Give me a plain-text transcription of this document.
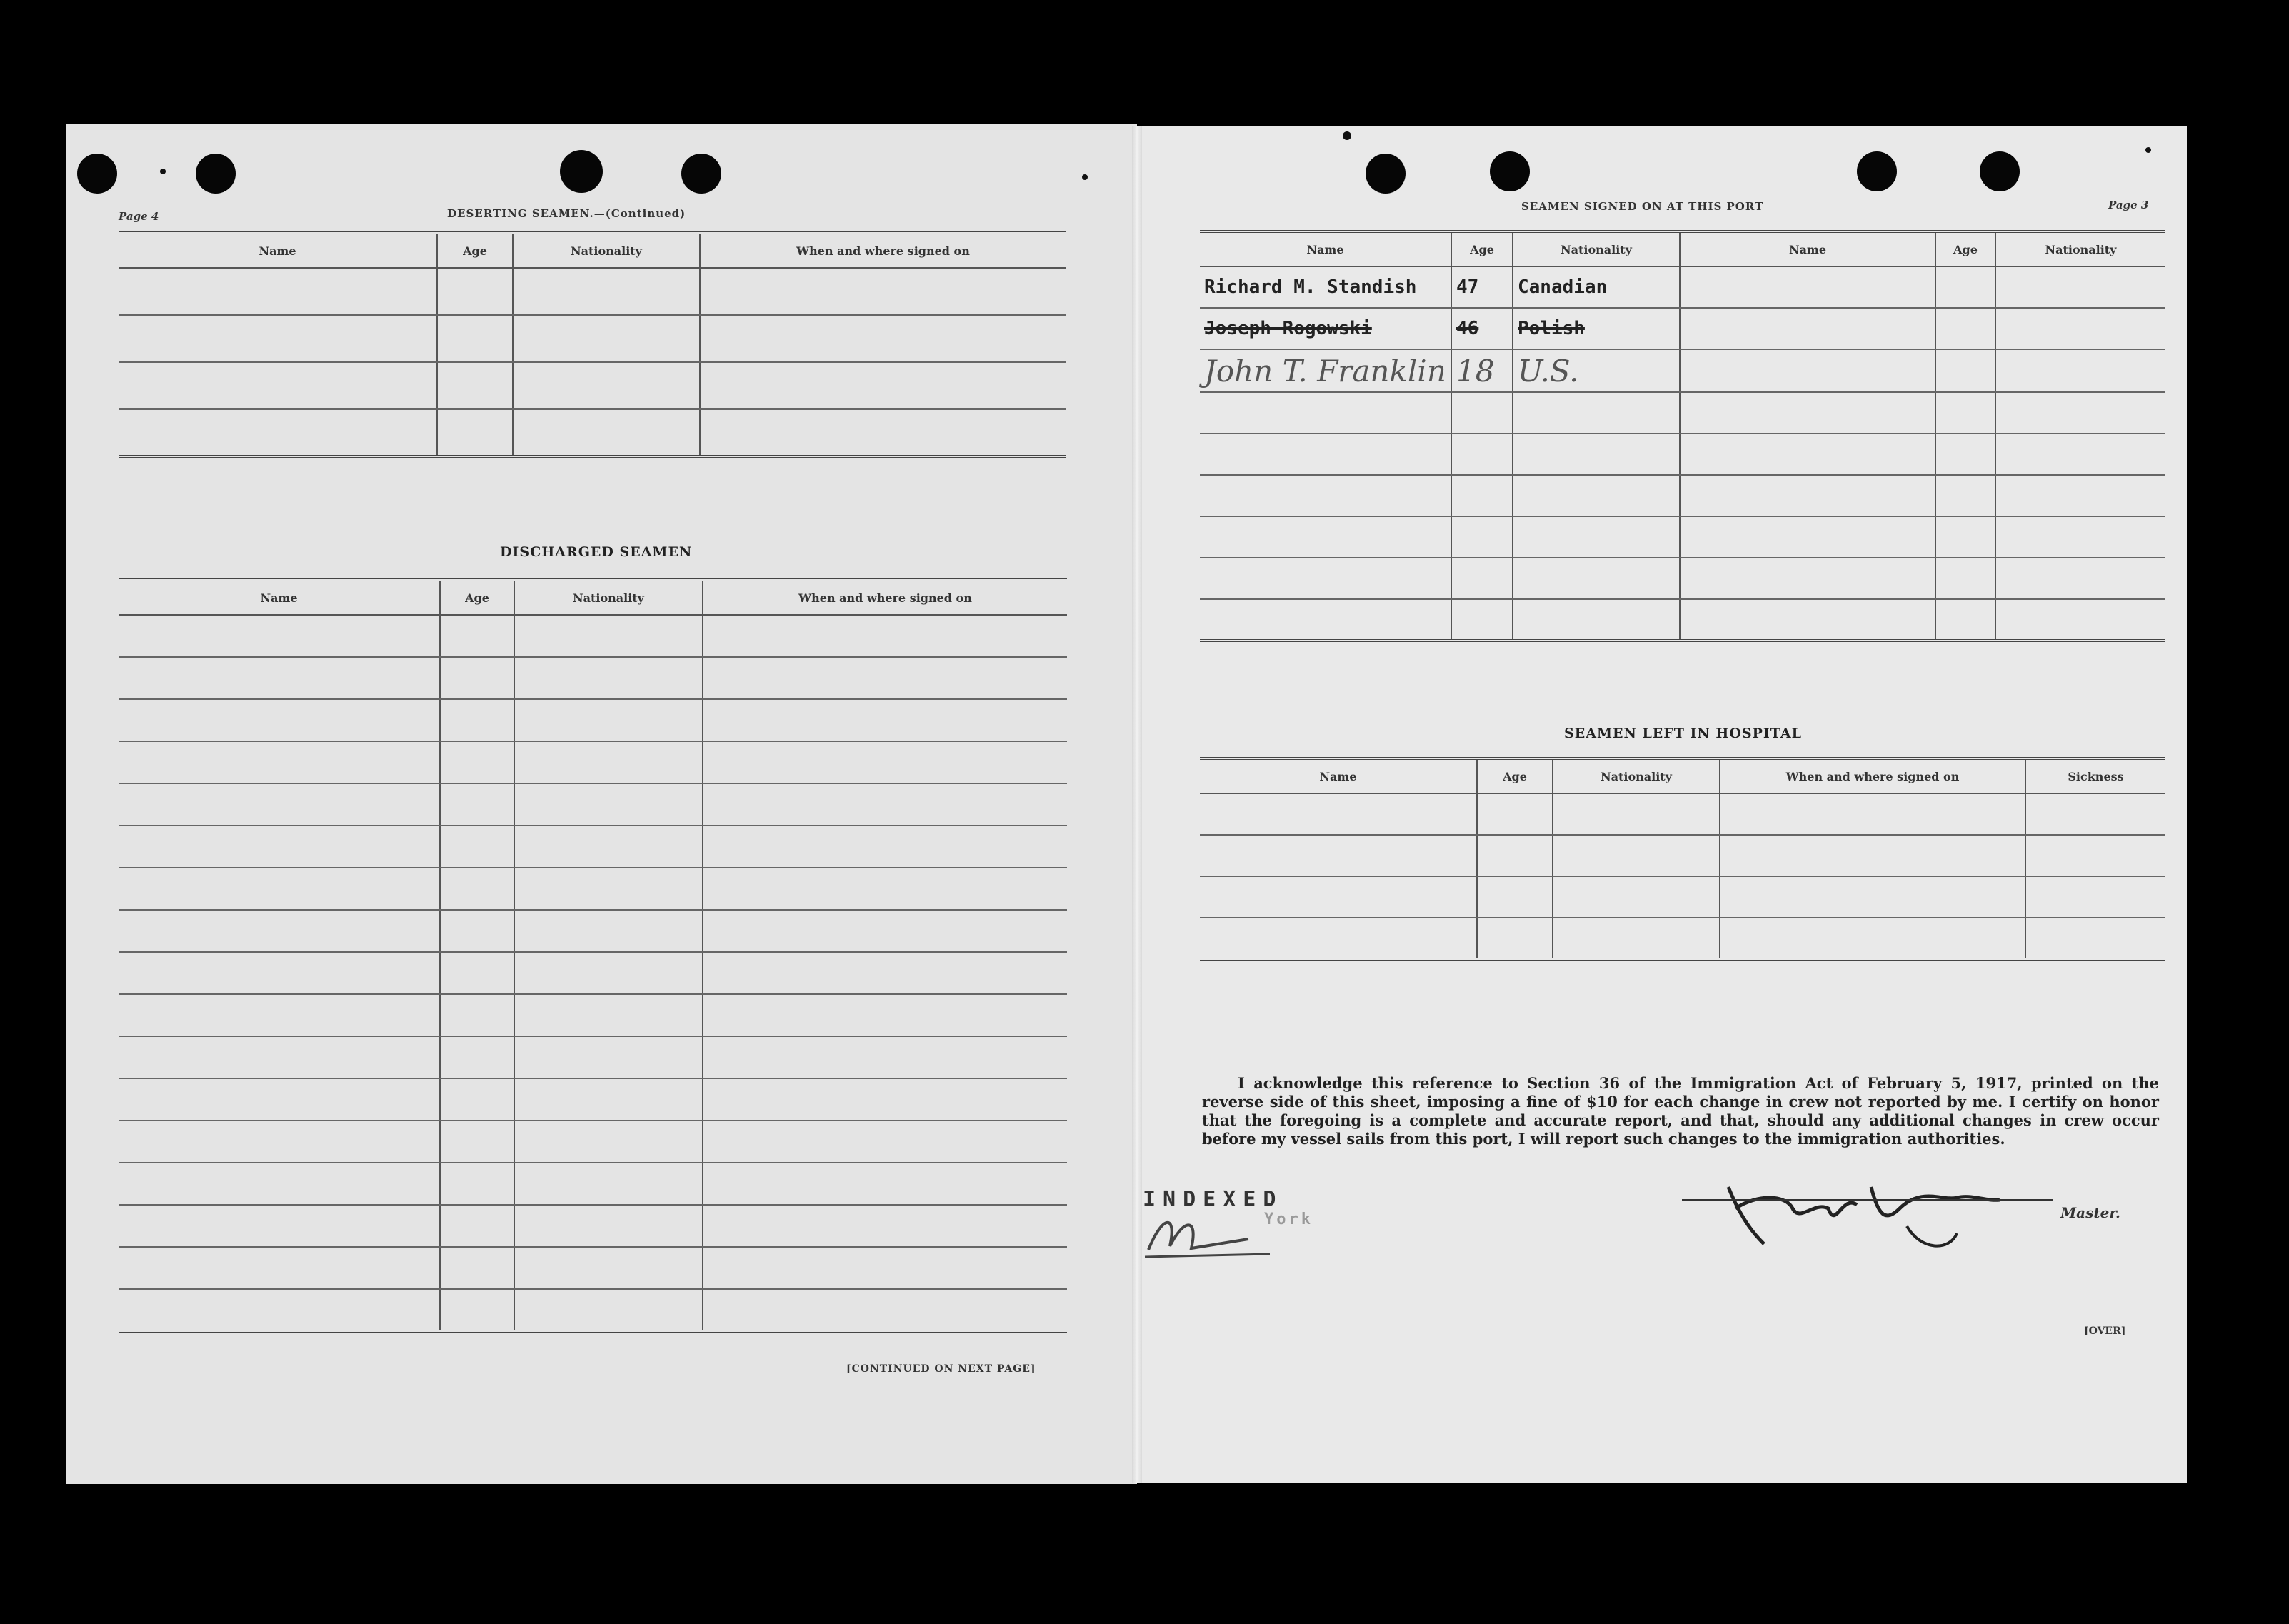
Page 4	DESERTING SEAMEN.—(Continued)
Name	Age	Nationality	When and where signed on

DISCHARGED SEAMEN
Name	Age	Nationality	When and where signed on

[CONTINUED ON NEXT PAGE]
Page 3
SEAMEN SIGNED ON AT THIS PORT
Name	Age	Nationality	Name	Age	Nationality
Richard M. Standish	47	Canadian			
Joseph Rogowski	46	Polish			
John T. Franklin	18	U.S.			

SEAMEN LEFT IN HOSPITAL
Name	Age	Nationality	When and where signed on	Sickness

I acknowledge this reference to Section 36 of the Immigration Act of February 5, 1917, printed on the reverse side of this sheet, imposing a fine of $10 for each change in crew not reported by me. I certify on honor that the foregoing is a complete and accurate report, and that, should any additional changes in crew occur before my vessel sails from this port, I will report such changes to the immigration authorities.
INDEXED
York	Master.
[OVER]
